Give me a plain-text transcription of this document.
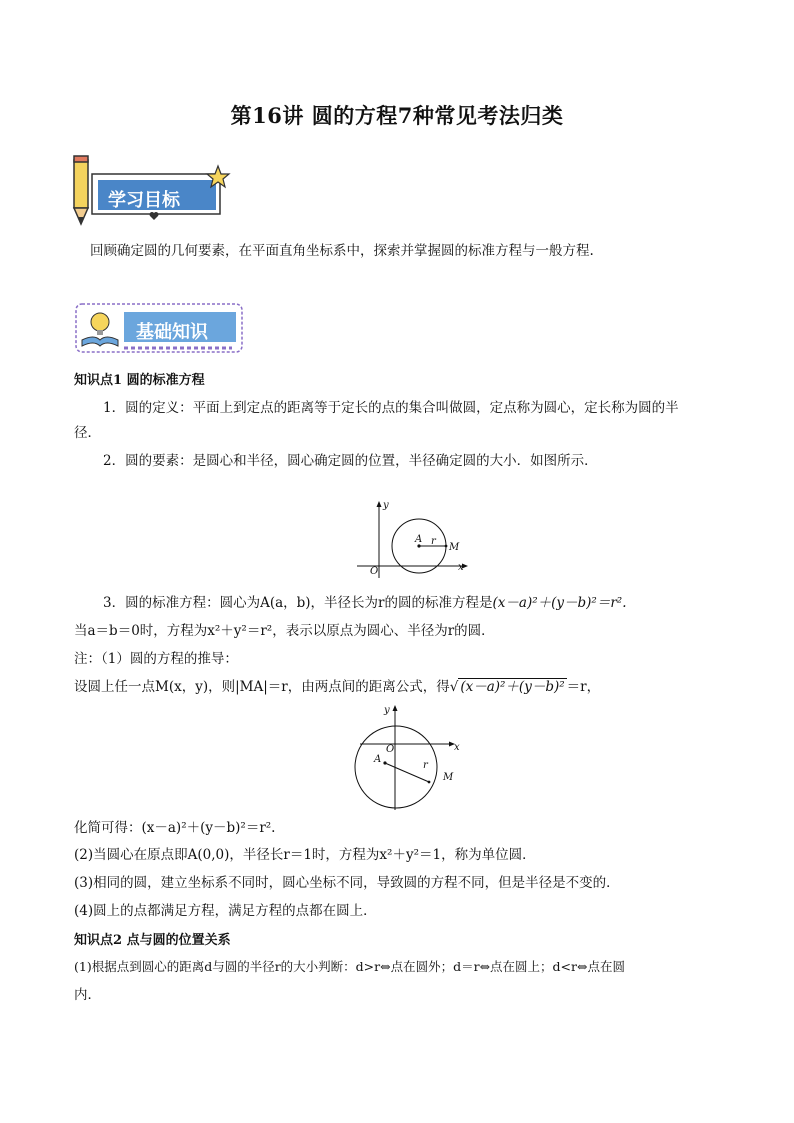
第16讲 圆的方程7种常见考法归类
学习目标
回顾确定圆的几何要素，在平面直角坐标系中，探索并掌握圆的标准方程与一般方程.
基础知识
知识点1 圆的标准方程
1．圆的定义：平面上到定点的距离等于定长的点的集合叫做圆，定点称为圆心，定长称为圆的半
径．
2．圆的要素：是圆心和半径，圆心确定圆的位置，半径确定圆的大小．如图所示．
y
x
O
A r
M
3．圆的标准方程：圆心为A(a，b)，半径长为r的圆的标准方程是(x－a)²＋(y－b)²＝r².
当a＝b＝0时，方程为x²＋y²＝r²，表示以原点为圆心、半径为r的圆．
注：（1）圆的方程的推导：
设圆上任一点M(x，y)，则|MA|＝r，由两点间的距离公式，得√ (x－a)²＋(y－b)² ＝r，
y
x
O
A
r
M
化简可得：(x－a)²＋(y－b)²＝r².
(2)当圆心在原点即A(0,0)，半径长r＝1时，方程为x²＋y²＝1，称为单位圆．
(3)相同的圆，建立坐标系不同时，圆心坐标不同，导致圆的方程不同，但是半径是不变的．
(4)圆上的点都满足方程，满足方程的点都在圆上．
知识点2 点与圆的位置关系
(1)根据点到圆心的距离d与圆的半径r的大小判断：d>r⇔点在圆外；d＝r⇔点在圆上；d<r⇔点在圆
内．
